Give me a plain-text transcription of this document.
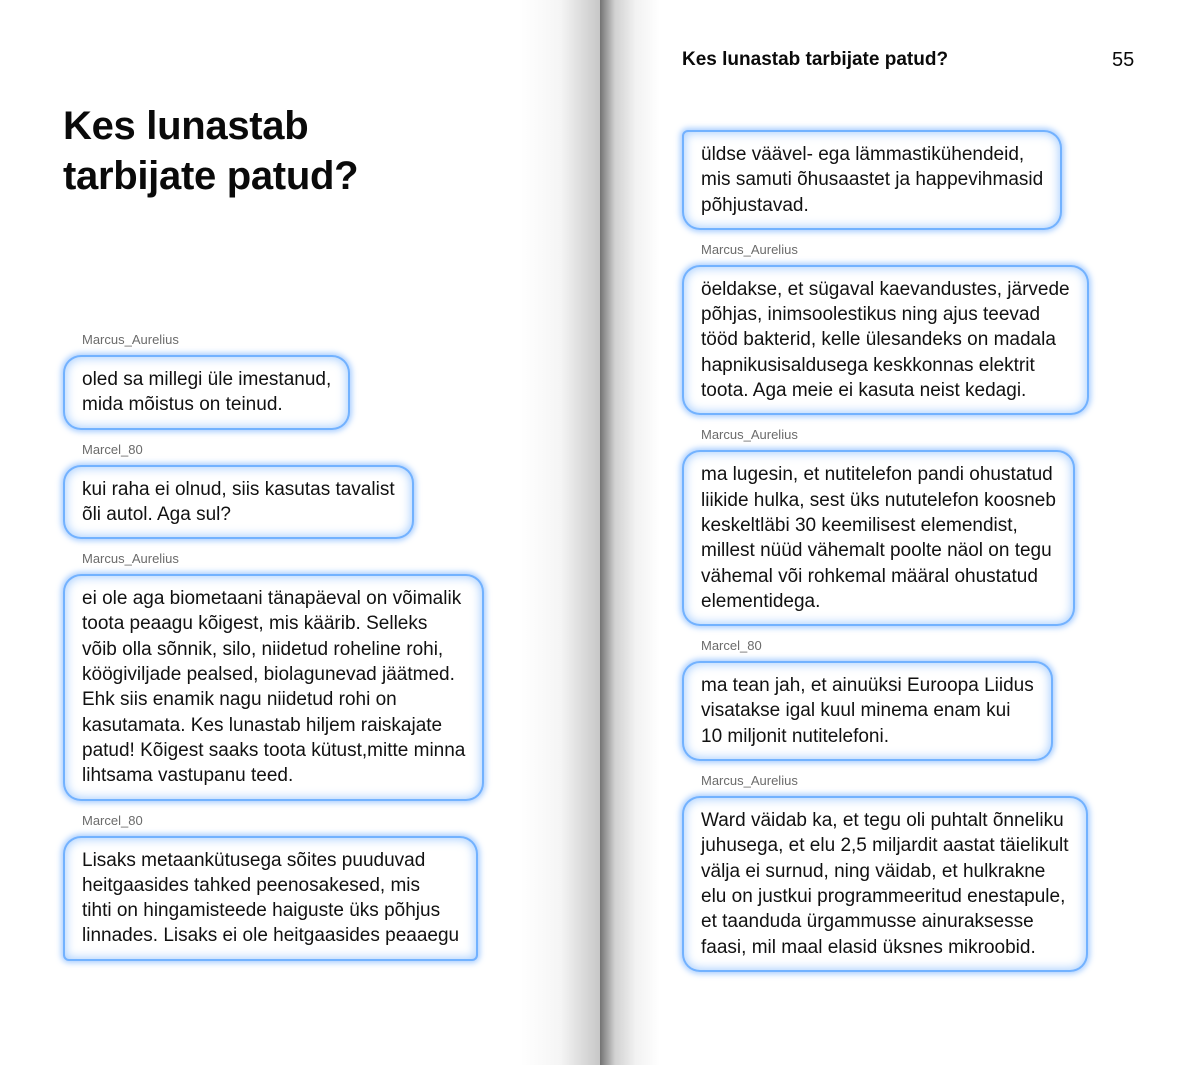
Kes lunastab
tarbijate patud?
Marcus_Aurelius
oled sa millegi üle imestanud,
mida mõistus on teinud.
Marcel_80
kui raha ei olnud, siis kasutas tavalist
õli autol. Aga sul?
Marcus_Aurelius
ei ole aga biometaani tänapäeval on võimalik
toota peaagu kõigest, mis käärib. Selleks
võib olla sõnnik, silo, niidetud roheline rohi,
köögiviljade pealsed, biolagunevad jäätmed.
Ehk siis enamik nagu niidetud rohi on
kasutamata. Kes lunastab hiljem raiskajate
patud! Kõigest saaks toota kütust,mitte minna
lihtsama vastupanu teed.
Marcel_80
Lisaks metaankütusega sõites puuduvad
heitgaasides tahked peenosakesed, mis
tihti on hingamisteede haiguste üks põhjus
linnades. Lisaks ei ole heitgaasides peaaegu
Kes lunastab tarbijate patud?	55
üldse väävel- ega lämmastikühendeid,
mis samuti õhusaastet ja happevihmasid
põhjustavad.
Marcus_Aurelius
öeldakse, et sügaval kaevandustes, järvede
põhjas, inimsoolestikus ning ajus teevad
tööd bakterid, kelle ülesandeks on madala
hapnikusisaldusega keskkonnas elektrit
toota. Aga meie ei kasuta neist kedagi.
Marcus_Aurelius
ma lugesin, et nutitelefon pandi ohustatud
liikide hulka, sest üks nututelefon koosneb
keskeltläbi 30 keemilisest elemendist,
millest nüüd vähemalt poolte näol on tegu
vähemal või rohkemal määral ohustatud
elementidega.
Marcel_80
ma tean jah, et ainuüksi Euroopa Liidus
visatakse igal kuul minema enam kui
10 miljonit nutitelefoni.
Marcus_Aurelius
Ward väidab ka, et tegu oli puhtalt õnneliku
juhusega, et elu 2,5 miljardit aastat täielikult
välja ei surnud, ning väidab, et hulkrakne
elu on justkui programmeeritud enestapule,
et taanduda ürgammusse ainuraksesse
faasi, mil maal elasid üksnes mikroobid.
